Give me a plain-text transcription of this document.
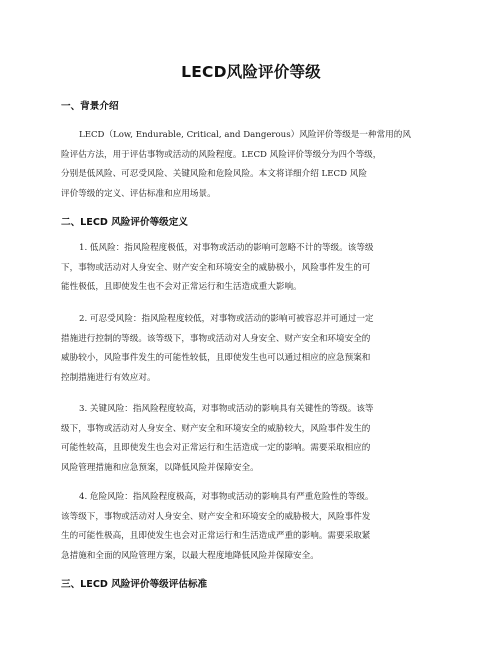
LECD风险评价等级
一、背景介绍
LECD（Low, Endurable, Critical, and Dangerous）风险评价等级是一种常用的风
险评估方法，用于评估事物或活动的风险程度。LECD 风险评价等级分为四个等级，
分别是低风险、可忍受风险、关键风险和危险风险。本文将详细介绍 LECD 风险
评价等级的定义、评估标准和应用场景。
二、LECD 风险评价等级定义
1. 低风险：指风险程度极低，对事物或活动的影响可忽略不计的等级。该等级
下，事物或活动对人身安全、财产安全和环境安全的威胁极小，风险事件发生的可
能性极低，且即使发生也不会对正常运行和生活造成重大影响。
2. 可忍受风险：指风险程度较低，对事物或活动的影响可被容忍并可通过一定
措施进行控制的等级。该等级下，事物或活动对人身安全、财产安全和环境安全的
威胁较小，风险事件发生的可能性较低，且即使发生也可以通过相应的应急预案和
控制措施进行有效应对。
3. 关键风险：指风险程度较高，对事物或活动的影响具有关键性的等级。该等
级下，事物或活动对人身安全、财产安全和环境安全的威胁较大，风险事件发生的
可能性较高，且即使发生也会对正常运行和生活造成一定的影响。需要采取相应的
风险管理措施和应急预案，以降低风险并保障安全。
4. 危险风险：指风险程度极高，对事物或活动的影响具有严重危险性的等级。
该等级下，事物或活动对人身安全、财产安全和环境安全的威胁极大，风险事件发
生的可能性极高，且即使发生也会对正常运行和生活造成严重的影响。需要采取紧
急措施和全面的风险管理方案，以最大程度地降低风险并保障安全。
三、LECD 风险评价等级评估标准
